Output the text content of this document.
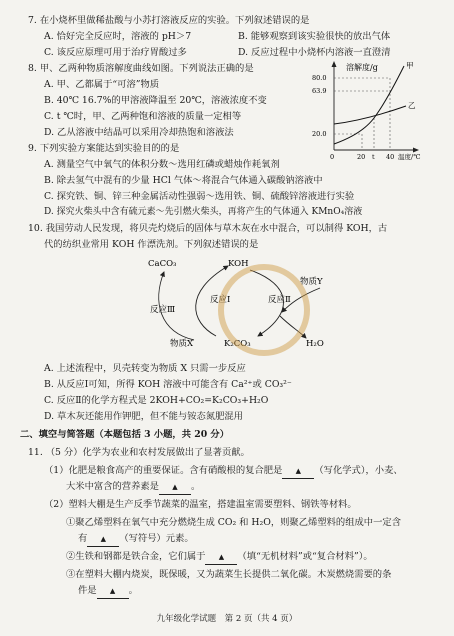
7. 在小烧杯里做稀盐酸与小苏打溶液反应的实验。下列叙述错误的是
A. 恰好完全反应时，溶液的 pH＞7	B. 能够观察到该实验很快的放出气体
C. 该反应原理可用于治疗胃酸过多	D. 反应过程中小烧杯内溶液一直澄清
8. 甲、乙两种物质溶解度曲线如图。下列说法正确的是
A. 甲、乙都属于“可溶”物质
B. 40℃ 16.7%的甲溶液降温至 20℃，溶液浓度不变
C. t ℃时，甲、乙两种饱和溶液的质量一定相等
D. 乙从溶液中结晶可以采用冷却热饱和溶液法
溶解度/g
80.0
63.9
20.0
甲
乙
0	20 t 40 温度/℃
9. 下列实验方案能达到实验目的的是
A. 测量空气中氧气的体积分数～选用红磷或蜡烛作耗氧剂
B. 除去氢气中混有的少量 HCl 气体～将混合气体通入碳酸钠溶液中
C. 探究铁、铜、锌三种金属活动性强弱～选用铁、铜、硫酸锌溶液进行实验
D. 探究火柴头中含有硫元素～先引燃火柴头，再将产生的气体通入 KMnO₄溶液
10. 我国劳动人民发现，将贝壳灼烧后的固体与草木灰在水中混合，可以制得 KOH，古
代的纺织业常用 KOH 作漂洗剂。下列叙述错误的是
CaCO₃	KOH
物质Y
反应Ⅲ
反应Ⅰ	反应Ⅱ
物质X	K₂CO₃	H₂O
A. 上述流程中，贝壳转变为物质 X 只需一步反应
B. 从反应Ⅰ可知，所得 KOH 溶液中可能含有 Ca²⁺或 CO₃²⁻
C. 反应Ⅱ的化学方程式是 2KOH+CO₂=K₂CO₃+H₂O
D. 草木灰还能用作钾肥，但不能与铵态氮肥混用
二、填空与简答题（本题包括 3 小题，共 20 分）
11. （5 分）化学为农业和农村发展做出了显著贡献。
（1）化肥是粮食高产的重要保证。含有硝酸根的复合肥是 ▲ （写化学式），小麦、
大米中富含的营养素是 ▲ 。
（2）塑料大棚是生产反季节蔬菜的温室，搭建温室需要塑料、钢铁等材料。
①聚乙烯塑料在氧气中充分燃烧生成 CO₂ 和 H₂O，则聚乙烯塑料的组成中一定含
有 ▲ （写符号）元素。
②生铁和钢都是铁合金，它们属于 ▲ （填“无机材料”或“复合材料”）。
③在塑料大棚内烧炭，既保暖，又为蔬菜生长提供二氧化碳。木炭燃烧需要的条
件是 ▲ 。
九年级化学试题　第 2 页（共 4 页）
